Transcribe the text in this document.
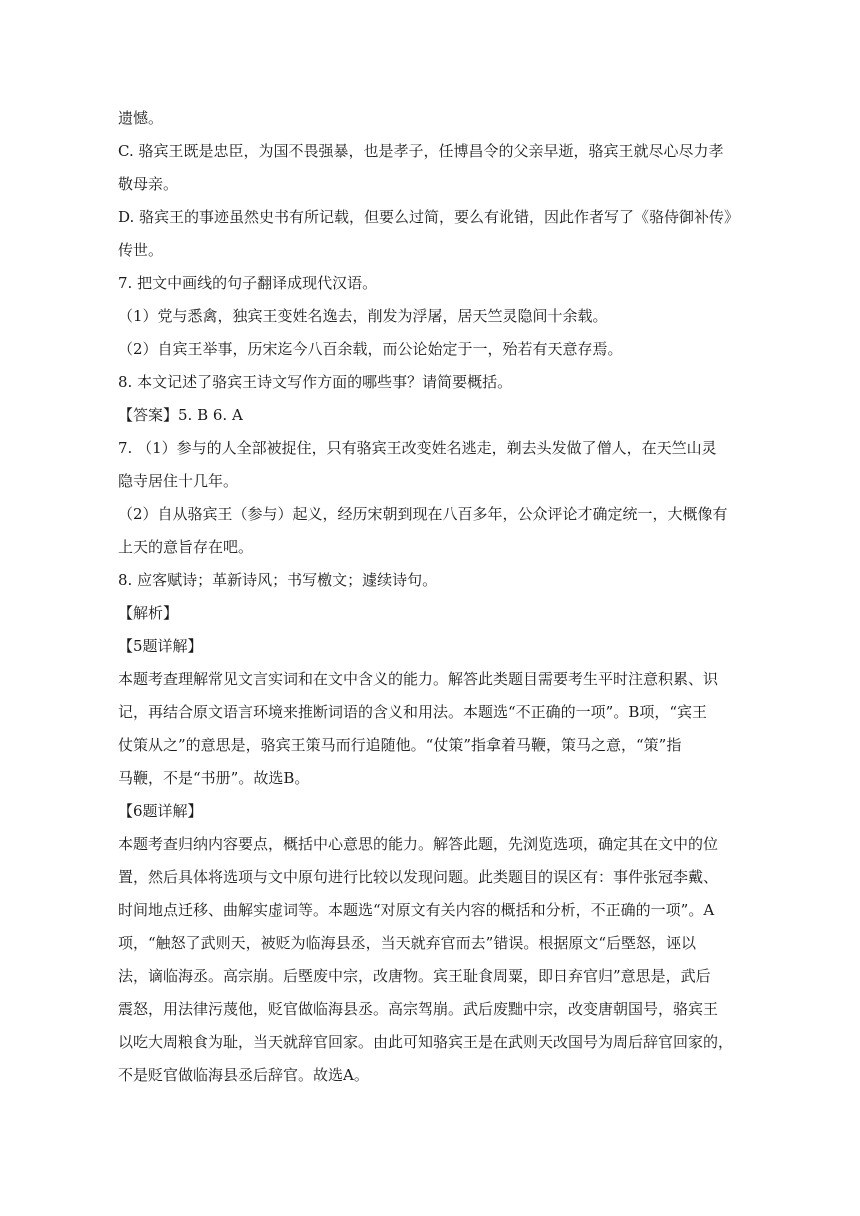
遗憾。
C. 骆宾王既是忠臣，为国不畏强暴，也是孝子，任博昌令的父亲早逝，骆宾王就尽心尽力孝
敬母亲。
D. 骆宾王的事迹虽然史书有所记载，但要么过简，要么有讹错，因此作者写了《骆侍御补传》
传世。
7. 把文中画线的句子翻译成现代汉语。
（1）党与悉禽，独宾王变姓名逸去，削发为浮屠，居天竺灵隐间十余载。
（2）自宾王举事，历宋迄今八百余载，而公论始定于一，殆若有天意存焉。
8. 本文记述了骆宾王诗文写作方面的哪些事？请简要概括。
【答案】5. B 6. A
7. （1）参与的人全部被捉住，只有骆宾王改变姓名逃走，剃去头发做了僧人，在天竺山灵
隐寺居住十几年。
（2）自从骆宾王（参与）起义，经历宋朝到现在八百多年，公众评论才确定统一，大概像有
上天的意旨存在吧。
8. 应客赋诗；革新诗风；书写檄文；遽续诗句。
【解析】
【5题详解】
本题考查理解常见文言实词和在文中含义的能力。解答此类题目需要考生平时注意积累、识
记，再结合原文语言环境来推断词语的含义和用法。本题选“不正确的一项”。B项，“宾王
仗策从之”的意思是，骆宾王策马而行追随他。“仗策”指拿着马鞭，策马之意，“策”指
马鞭，不是“书册”。故选B。
【6题详解】
本题考查归纳内容要点，概括中心意思的能力。解答此题，先浏览选项，确定其在文中的位
置，然后具体将选项与文中原句进行比较以发现问题。此类题目的误区有：事件张冠李戴、
时间地点迁移、曲解实虚词等。本题选“对原文有关内容的概括和分析，不正确的一项”。A
项，“触怒了武则天，被贬为临海县丞，当天就弃官而去”错误。根据原文“后塈怒，诬以
法，谪临海丞。高宗崩。后塈废中宗，改唐物。宾王耻食周粟，即日弃官归”意思是，武后
震怒，用法律污蔑他，贬官做临海县丞。高宗驾崩。武后废黜中宗，改变唐朝国号，骆宾王
以吃大周粮食为耻，当天就辞官回家。由此可知骆宾王是在武则天改国号为周后辞官回家的，
不是贬官做临海县丞后辞官。故选A。
